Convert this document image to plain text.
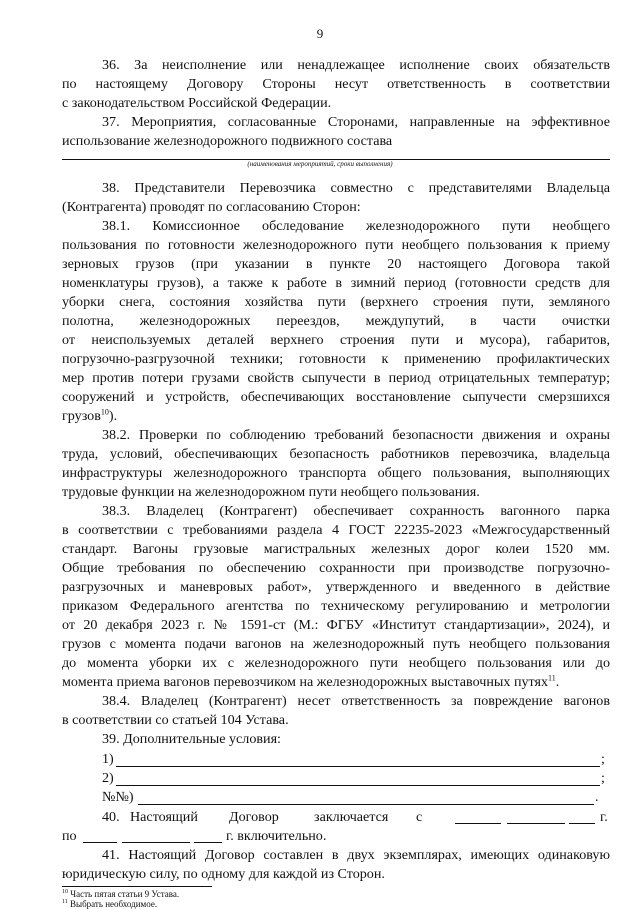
9
36. За неисполнение или ненадлежащее исполнение своих обязательств
по настоящему Договору Стороны несут ответственность в соответствии
с законодательством Российской Федерации.
37. Мероприятия, согласованные Сторонами, направленные на эффективное
использование железнодорожного подвижного состава
(наименования мероприятий, сроки выполнения)
38. Представители Перевозчика совместно с представителями Владельца
(Контрагента) проводят по согласованию Сторон:
38.1. Комиссионное обследование железнодорожного пути необщего
пользования по готовности железнодорожного пути необщего пользования к приему
зерновых грузов (при указании в пункте 20 настоящего Договора такой
номенклатуры грузов), а также к работе в зимний период (готовности средств для
уборки снега, состояния хозяйства пути (верхнего строения пути, земляного
полотна, железнодорожных переездов, междупутий, в части очистки
от неиспользуемых деталей верхнего строения пути и мусора), габаритов,
погрузочно-разгрузочной техники; готовности к применению профилактических
мер против потери грузами свойств сыпучести в период отрицательных температур;
сооружений и устройств, обеспечивающих восстановление сыпучести смерзшихся
грузов$^{10}$).
38.2. Проверки по соблюдению требований безопасности движения и охраны
труда, условий, обеспечивающих безопасность работников перевозчика, владельца
инфраструктуры железнодорожного транспорта общего пользования, выполняющих
трудовые функции на железнодорожном пути необщего пользования.
38.3. Владелец (Контрагент) обеспечивает сохранность вагонного парка
в соответствии с требованиями раздела 4 ГОСТ 22235-2023 «Межгосударственный
стандарт. Вагоны грузовые магистральных железных дорог колеи 1520 мм.
Общие требования по обеспечению сохранности при производстве погрузочно-
разгрузочных и маневровых работ», утвержденного и введенного в действие
приказом Федерального агентства по техническому регулированию и метрологии
от 20 декабря 2023 г. № 1591-ст (М.: ФГБУ «Институт стандартизации», 2024), и
грузов с момента подачи вагонов на железнодорожный путь необщего пользования
до момента уборки их с железнодорожного пути необщего пользования или до
момента приема вагонов перевозчиком на железнодорожных выставочных путях$^{11}$.
38.4. Владелец (Контрагент) несет ответственность за повреждение вагонов
в соответствии со статьей 104 Устава.
39. Дополнительные условия:
1)	;
2)	;
№№)	.
40. Настоящий Договор заключается с	г.
по	г. включительно.
41. Настоящий Договор составлен в двух экземплярах, имеющих одинаковую
юридическую силу, по одному для каждой из Сторон.
$^{10}$ Часть пятая статьи 9 Устава.
$^{11}$ Выбрать необходимое.
